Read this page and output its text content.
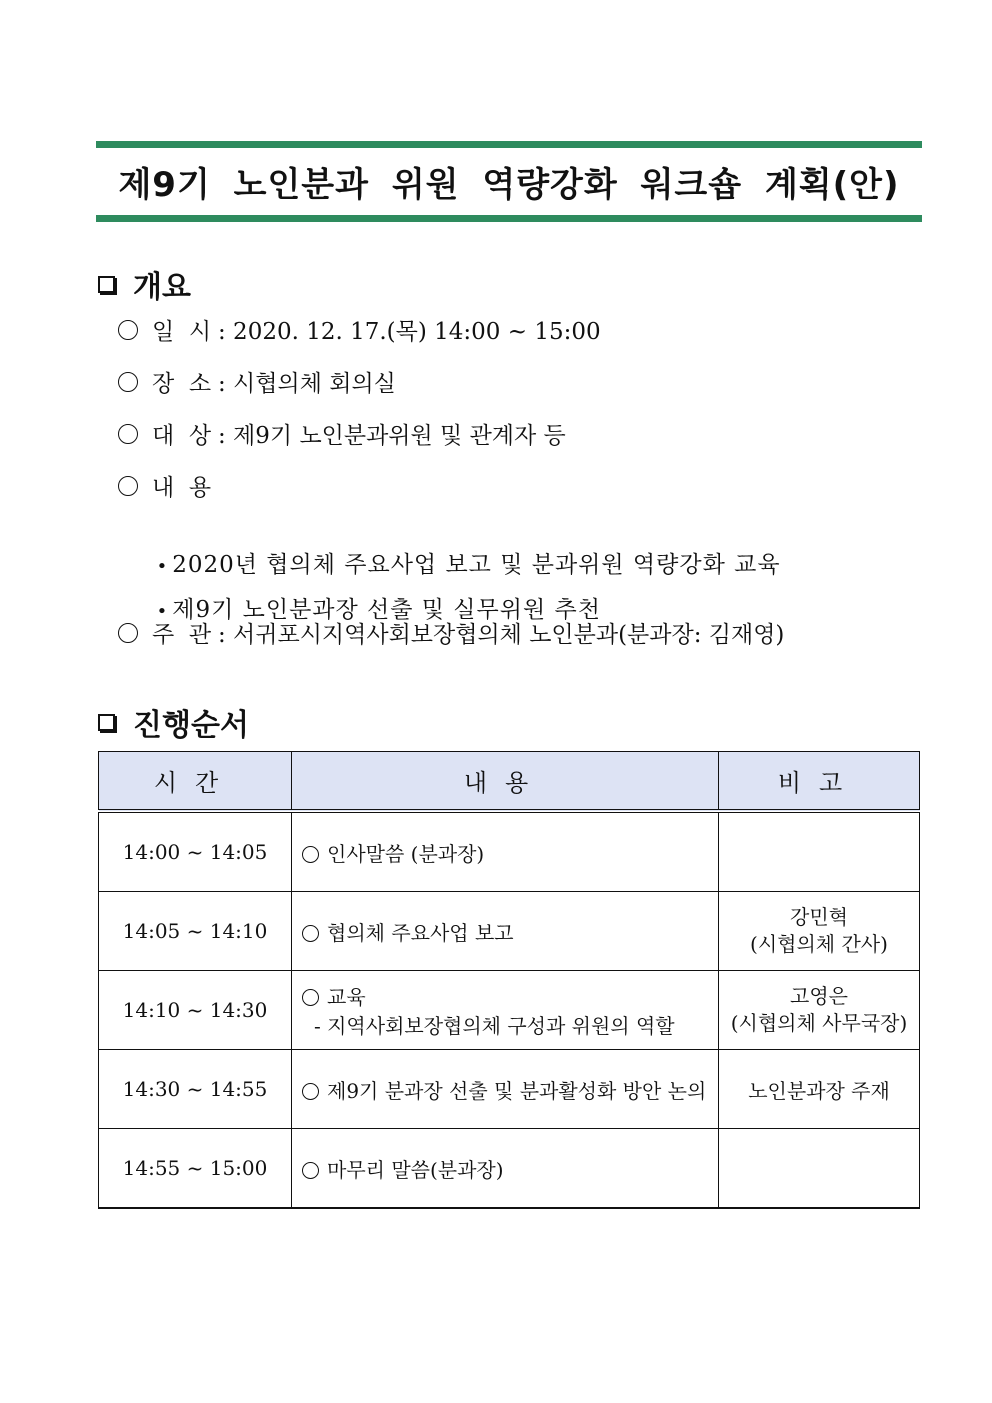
제9기 노인분과 위원 역량강화 워크숍 계획(안)
개요
일  시 : 2020. 12. 17.(목) 14:00 ~ 15:00
장  소 : 시협의체 회의실
대  상 : 제9기 노인분과위원 및 관계자 등
내  용

• 2020년 협의체 주요사업 보고 및 분과위원 역량강화 교육

• 제9기 노인분과장 선출 및 실무위원 추천

주  관 : 서귀포시지역사회보장협의체 노인분과(분과장: 김재영)
진행순서
시간	내용	비고
14:00 ~ 14:05	인사말씀 (분과장)	
14:05 ~ 14:10	협의체 주요사업 보고	강민혁
(시협의체 간사)

14:10 ~ 14:30	교육
- 지역사회보장협의체 구성과 위원의 역할	고영은
(시협의체 사무국장)

14:30 ~ 14:55	제9기 분과장 선출 및 분과활성화 방안 논의	노인분과장 주재
14:55 ~ 15:00	마무리 말씀(분과장)	
